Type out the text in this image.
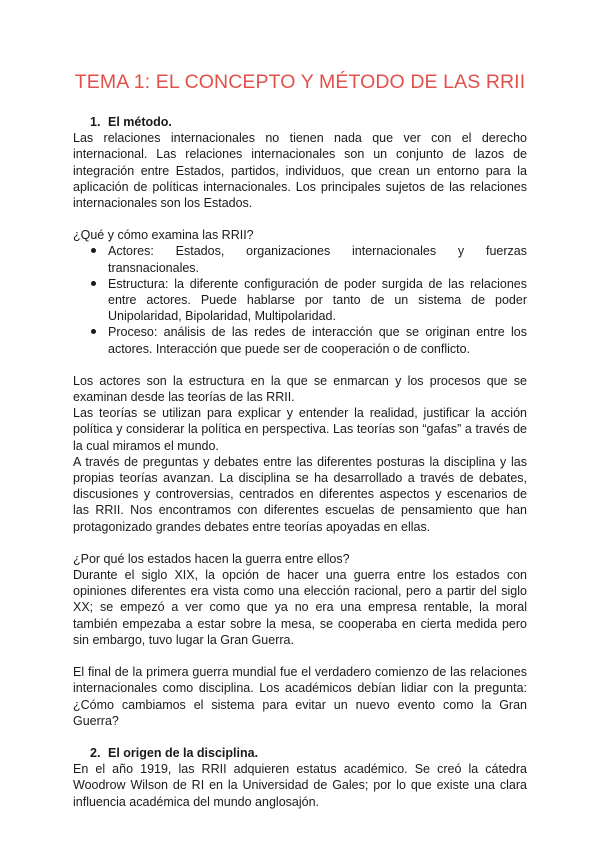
TEMA 1: EL CONCEPTO Y MÉTODO DE LAS RRII
1. El método.

Las relaciones internacionales no tienen nada que ver con el derecho internacional. Las relaciones internacionales son un conjunto de lazos de integración entre Estados, partidos, individuos, que crean un entorno para la aplicación de políticas internacionales. Los principales sujetos de las relaciones internacionales son los Estados.

¿Qué y cómo examina las RRII?

Actores: Estados, organizaciones internacionales y fuerzas transnacionales.
Estructura: la diferente configuración de poder surgida de las relaciones entre actores. Puede hablarse por tanto de un sistema de poder Unipolaridad, Bipolaridad, Multipolaridad.
Proceso: análisis de las redes de interacción que se originan entre los actores. Interacción que puede ser de cooperación o de conflicto.

Los actores son la estructura en la que se enmarcan y los procesos que se examinan desde las teorías de las RRII.

Las teorías se utilizan para explicar y entender la realidad, justificar la acción política y considerar la política en perspectiva. Las teorías son “gafas” a través de la cual miramos el mundo.

A través de preguntas y debates entre las diferentes posturas la disciplina y las propias teorías avanzan. La disciplina se ha desarrollado a través de debates, discusiones y controversias, centrados en diferentes aspectos y escenarios de las RRII. Nos encontramos con diferentes escuelas de pensamiento que han protagonizado grandes debates entre teorías apoyadas en ellas.

¿Por qué los estados hacen la guerra entre ellos?

Durante el siglo XIX, la opción de hacer una guerra entre los estados con opiniones diferentes era vista como una elección racional, pero a partir del siglo XX; se empezó a ver como que ya no era una empresa rentable, la moral también empezaba a estar sobre la mesa, se cooperaba en cierta medida pero sin embargo, tuvo lugar la Gran Guerra.

El final de la primera guerra mundial fue el verdadero comienzo de las relaciones internacionales como disciplina. Los académicos debían lidiar con la pregunta: ¿Cómo cambiamos el sistema para evitar un nuevo evento como la Gran Guerra?

2. El origen de la disciplina.

En el año 1919, las RRII adquieren estatus académico. Se creó la cátedra Woodrow Wilson de RI en la Universidad de Gales; por lo que existe una clara influencia académica del mundo anglosajón.
